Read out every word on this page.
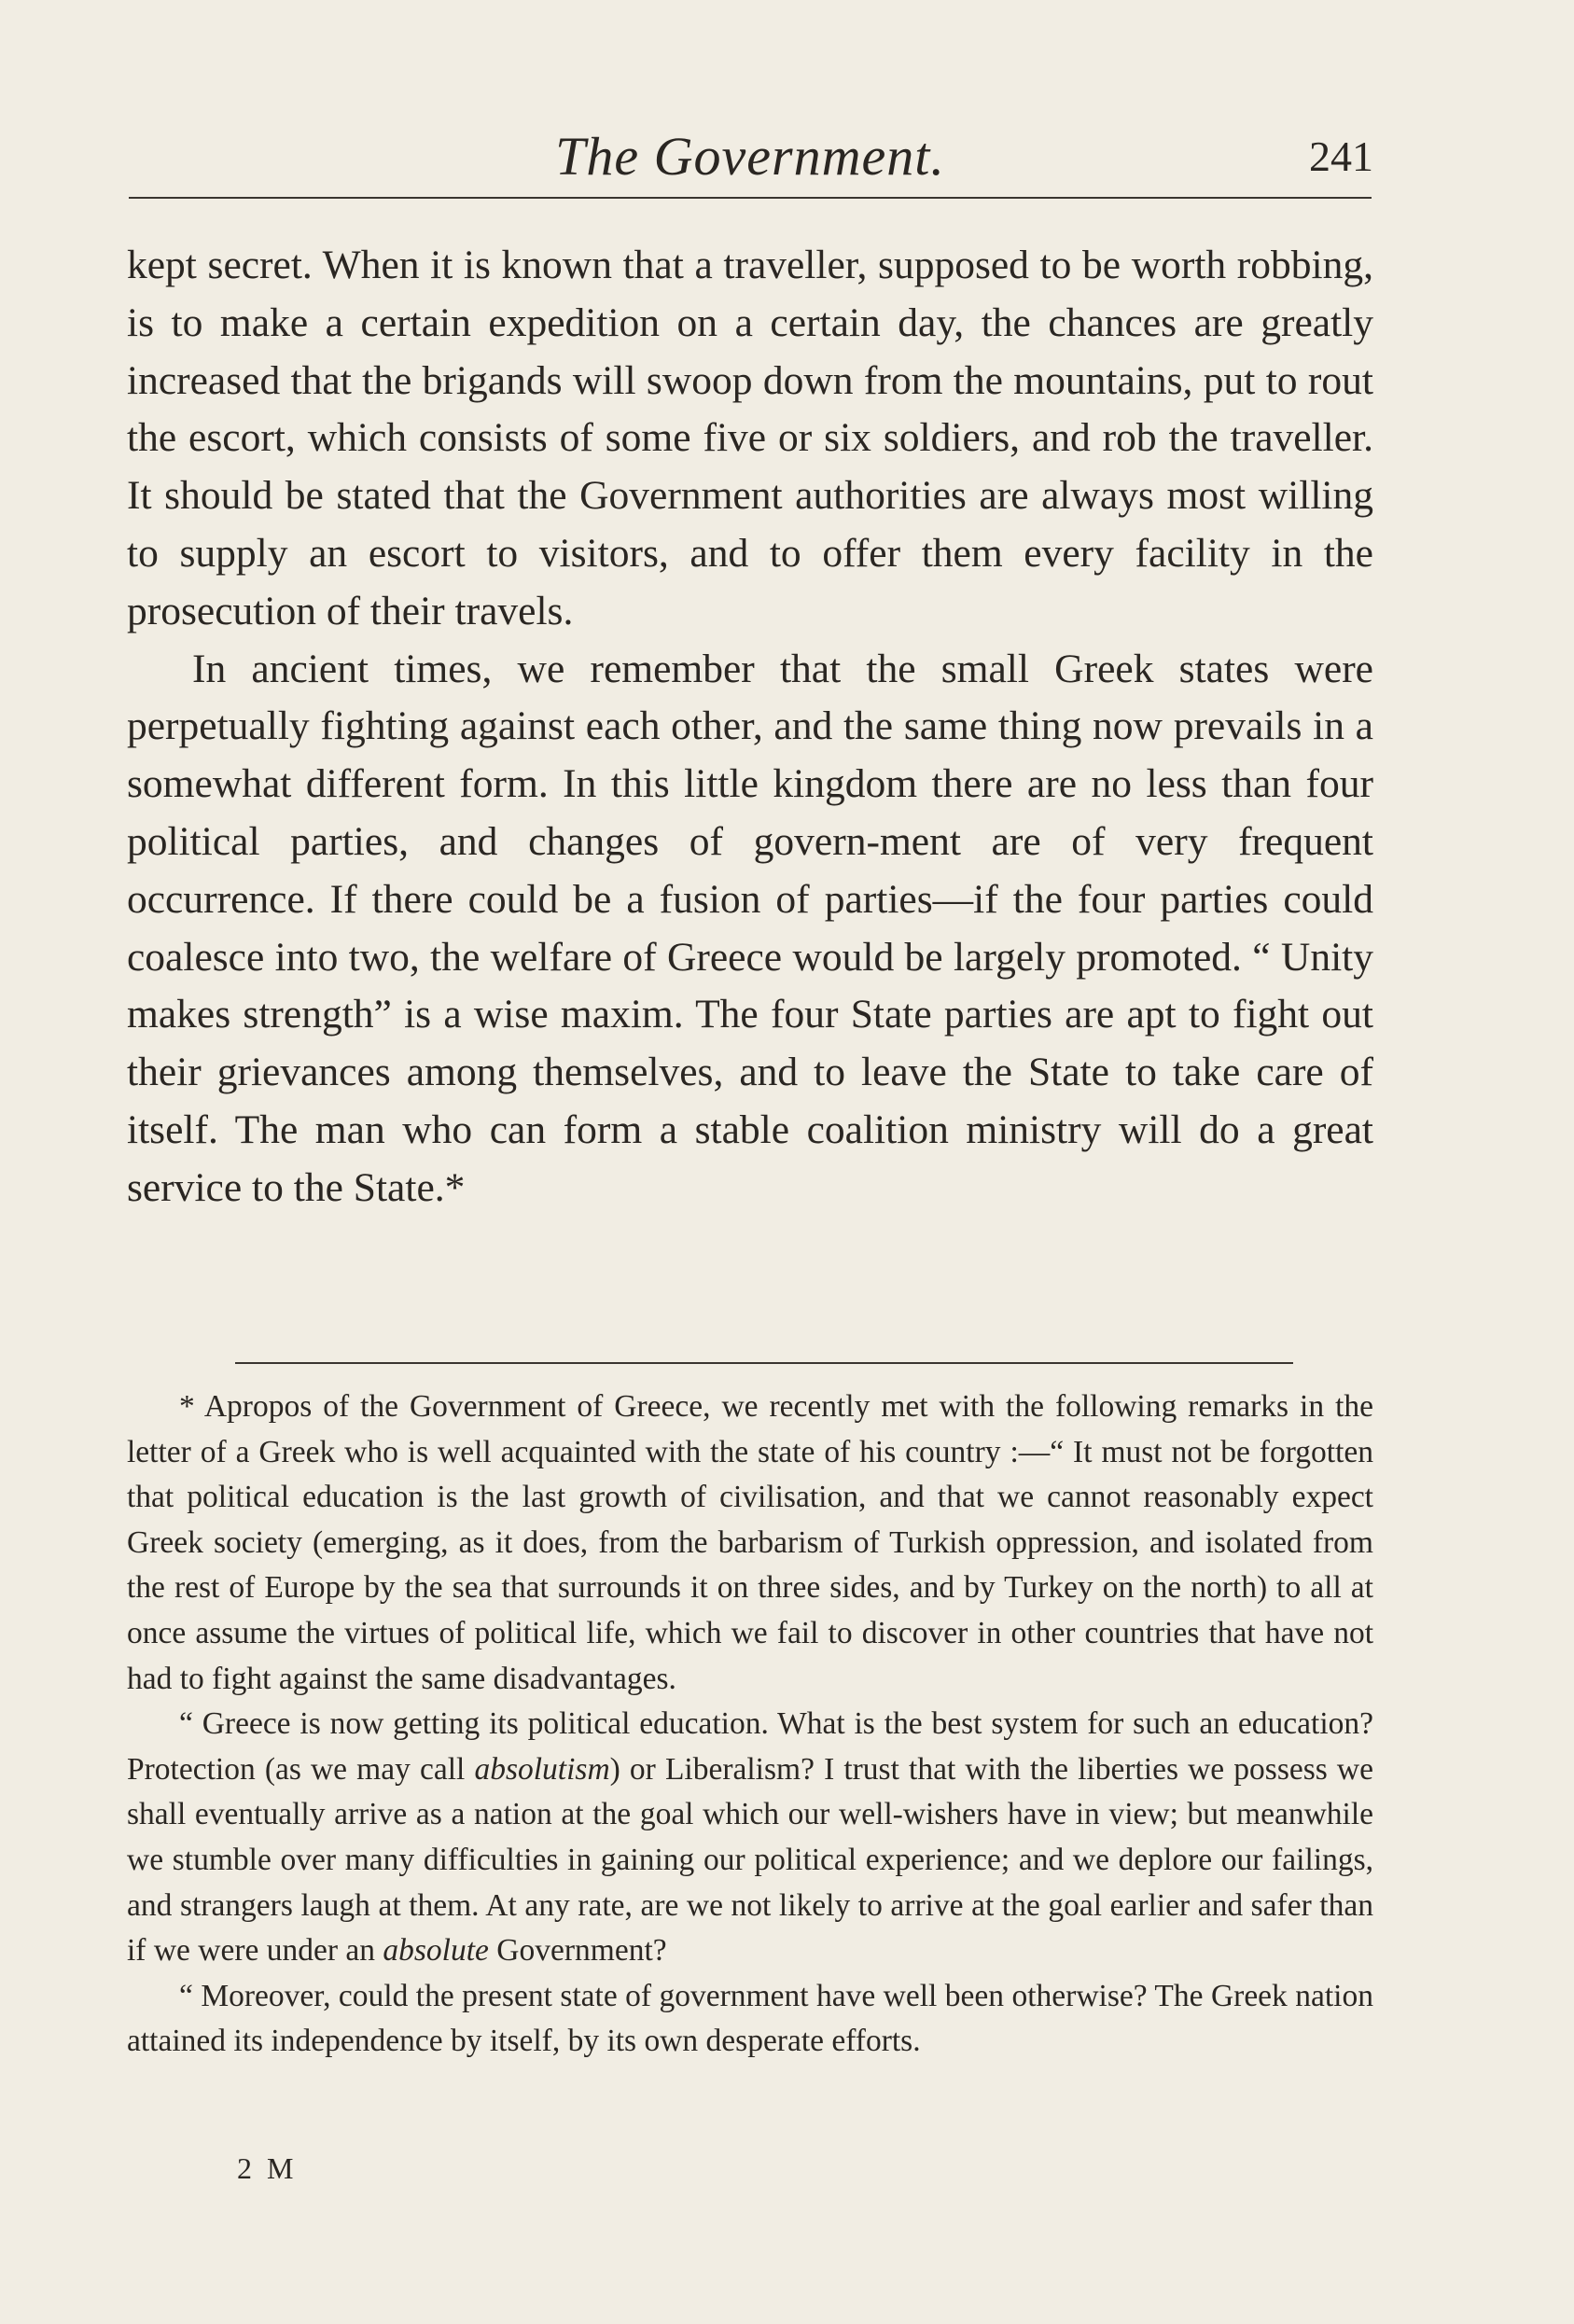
The Government.	241

kept secret. When it is known that a traveller, supposed to be worth robbing, is to make a certain expedition on a certain day, the chances are greatly increased that the brigands will swoop down from the mountains, put to rout the escort, which consists of some five or six soldiers, and rob the traveller. It should be stated that the Government authorities are always most willing to supply an escort to visitors, and to offer them every facility in the prosecution of their travels.

In ancient times, we remember that the small Greek states were perpetually fighting against each other, and the same thing now prevails in a somewhat different form. In this little kingdom there are no less than four political parties, and changes of govern-ment are of very frequent occurrence. If there could be a fusion of parties—if the four parties could coalesce into two, the welfare of Greece would be largely promoted. “ Unity makes strength” is a wise maxim. The four State parties are apt to fight out their grievances among themselves, and to leave the State to take care of itself. The man who can form a stable coalition ministry will do a great service to the State.*

* Apropos of the Government of Greece, we recently met with the following remarks in the letter of a Greek who is well acquainted with the state of his country :—“ It must not be forgotten that political education is the last growth of civilisation, and that we cannot reasonably expect Greek society (emerging, as it does, from the barbarism of Turkish oppression, and isolated from the rest of Europe by the sea that surrounds it on three sides, and by Turkey on the north) to all at once assume the virtues of political life, which we fail to discover in other countries that have not had to fight against the same disadvantages.

“ Greece is now getting its political education. What is the best system for such an education? Protection (as we may call absolutism) or Liberalism? I trust that with the liberties we possess we shall eventually arrive as a nation at the goal which our well-wishers have in view; but meanwhile we stumble over many difficulties in gaining our political experience; and we deplore our failings, and strangers laugh at them. At any rate, are we not likely to arrive at the goal earlier and safer than if we were under an absolute Government?

“ Moreover, could the present state of government have well been otherwise? The Greek nation attained its independence by itself, by its own desperate efforts.

2 M
